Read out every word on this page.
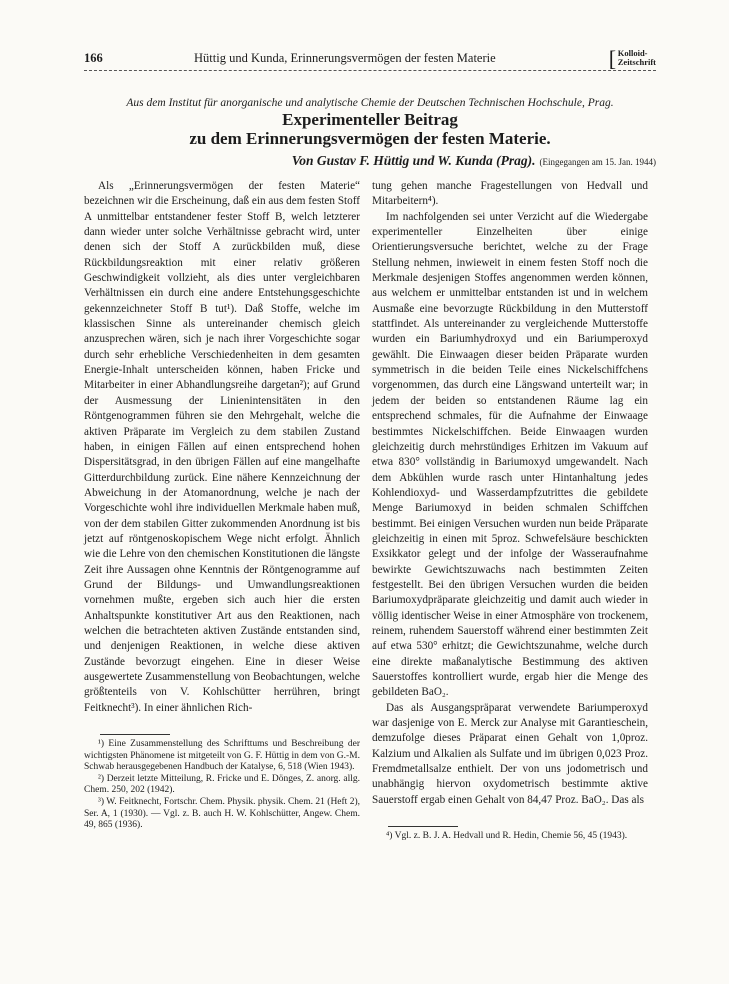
166	Hüttig und Kunda, Erinnerungsvermögen der festen Materie	[ Kolloid-
Zeitschrift
Aus dem Institut für anorganische und analytische Chemie der Deutschen Technischen Hochschule, Prag.
Experimenteller Beitrag
zu dem Erinnerungsvermögen der festen Materie.
Von Gustav F. Hüttig und W. Kunda (Prag). (Eingegangen am 15. Jan. 1944)

Als „Erinnerungsvermögen der festen Materie“ bezeichnen wir die Erscheinung, daß ein aus dem festen Stoff A unmittelbar entstandener fester Stoff B, welch letzterer dann wieder unter solche Verhältnisse gebracht wird, unter denen sich der Stoff A zurückbilden muß, diese Rückbildungsreaktion mit einer relativ größeren Geschwindigkeit vollzieht, als dies unter vergleichbaren Verhältnissen ein durch eine andere Entstehungsgeschichte gekennzeichneter Stoff B tut¹). Daß Stoffe, welche im klassischen Sinne als untereinander chemisch gleich anzusprechen wären, sich je nach ihrer Vorgeschichte sogar durch sehr erhebliche Verschiedenheiten in dem gesamten Energie-Inhalt unterscheiden können, haben Fricke und Mitarbeiter in einer Abhandlungsreihe dargetan²); auf Grund der Ausmessung der Linienintensitäten in den Röntgenogrammen führen sie den Mehrgehalt, welche die aktiven Präparate im Vergleich zu dem stabilen Zustand haben, in einigen Fällen auf einen entsprechend hohen Dispersitätsgrad, in den übrigen Fällen auf eine mangelhafte Gitterdurchbildung zurück. Eine nähere Kennzeichnung der Abweichung in der Atomanordnung, welche je nach der Vorgeschichte wohl ihre individuellen Merkmale haben muß, von der dem stabilen Gitter zukommenden Anordnung ist bis jetzt auf röntgenoskopischem Wege nicht erfolgt. Ähnlich wie die Lehre von den chemischen Konstitutionen die längste Zeit ihre Aussagen ohne Kenntnis der Röntgenogramme auf Grund der Bildungs- und Umwandlungsreaktionen vornehmen mußte, ergeben sich auch hier die ersten Anhaltspunkte konstitutiver Art aus den Reaktionen, nach welchen die betrachteten aktiven Zustände entstanden sind, und denjenigen Reaktionen, in welche diese aktiven Zustände bevorzugt eingehen. Eine in dieser Weise ausgewertete Zusammenstellung von Beobachtungen, welche größtenteils von V. Kohlschütter herrühren, bringt Feitknecht³). In einer ähnlichen Rich-

¹) Eine Zusammenstellung des Schrifttums und Beschreibung der wichtigsten Phänomene ist mitgeteilt von G. F. Hüttig in dem von G.-M. Schwab herausgegebenen Handbuch der Katalyse, 6, 518 (Wien 1943).

²) Derzeit letzte Mitteilung, R. Fricke und E. Dönges, Z. anorg. allg. Chem. 250, 202 (1942).

³) W. Feitknecht, Fortschr. Chem. Physik. physik. Chem. 21 (Heft 2), Ser. A, 1 (1930). — Vgl. z. B. auch H. W. Kohlschütter, Angew. Chem. 49, 865 (1936).

tung gehen manche Fragestellungen von Hedvall und Mitarbeitern⁴).

Im nachfolgenden sei unter Verzicht auf die Wiedergabe experimenteller Einzelheiten über einige Orientierungsversuche berichtet, welche zu der Frage Stellung nehmen, inwieweit in einem festen Stoff noch die Merkmale desjenigen Stoffes angenommen werden können, aus welchem er unmittelbar entstanden ist und in welchem Ausmaße eine bevorzugte Rückbildung in den Mutterstoff stattfindet. Als untereinander zu vergleichende Mutterstoffe wurden ein Bariumhydroxyd und ein Bariumperoxyd gewählt. Die Einwaagen dieser beiden Präparate wurden symmetrisch in die beiden Teile eines Nickelschiffchens vorgenommen, das durch eine Längswand unterteilt war; in jedem der beiden so entstandenen Räume lag ein entsprechend schmales, für die Aufnahme der Einwaage bestimmtes Nickelschiffchen. Beide Einwaagen wurden gleichzeitig durch mehrstündiges Erhitzen im Vakuum auf etwa 830° vollständig in Bariumoxyd umgewandelt. Nach dem Abkühlen wurde rasch unter Hintanhaltung jedes Kohlendioxyd- und Wasserdampfzutrittes die gebildete Menge Bariumoxyd in beiden schmalen Schiffchen bestimmt. Bei einigen Versuchen wurden nun beide Präparate gleichzeitig in einen mit 5proz. Schwefelsäure beschickten Exsikkator gelegt und der infolge der Wasseraufnahme bewirkte Gewichtszuwachs nach bestimmten Zeiten festgestellt. Bei den übrigen Versuchen wurden die beiden Bariumoxydpräparate gleichzeitig und damit auch wieder in völlig identischer Weise in einer Atmosphäre von trockenem, reinem, ruhendem Sauerstoff während einer bestimmten Zeit auf etwa 530° erhitzt; die Gewichtszunahme, welche durch eine direkte maßanalytische Bestimmung des aktiven Sauerstoffes kontrolliert wurde, ergab hier die Menge des gebildeten BaO₂.

Das als Ausgangspräparat verwendete Bariumperoxyd war dasjenige von E. Merck zur Analyse mit Garantieschein, demzufolge dieses Präparat einen Gehalt von 1,0proz. Kalzium und Alkalien als Sulfate und im übrigen 0,023 Proz. Fremdmetallsalze enthielt. Der von uns jodometrisch und unabhängig hiervon oxydometrisch bestimmte aktive Sauerstoff ergab einen Gehalt von 84,47 Proz. BaO₂. Das als

⁴) Vgl. z. B. J. A. Hedvall und R. Hedin, Chemie 56, 45 (1943).
